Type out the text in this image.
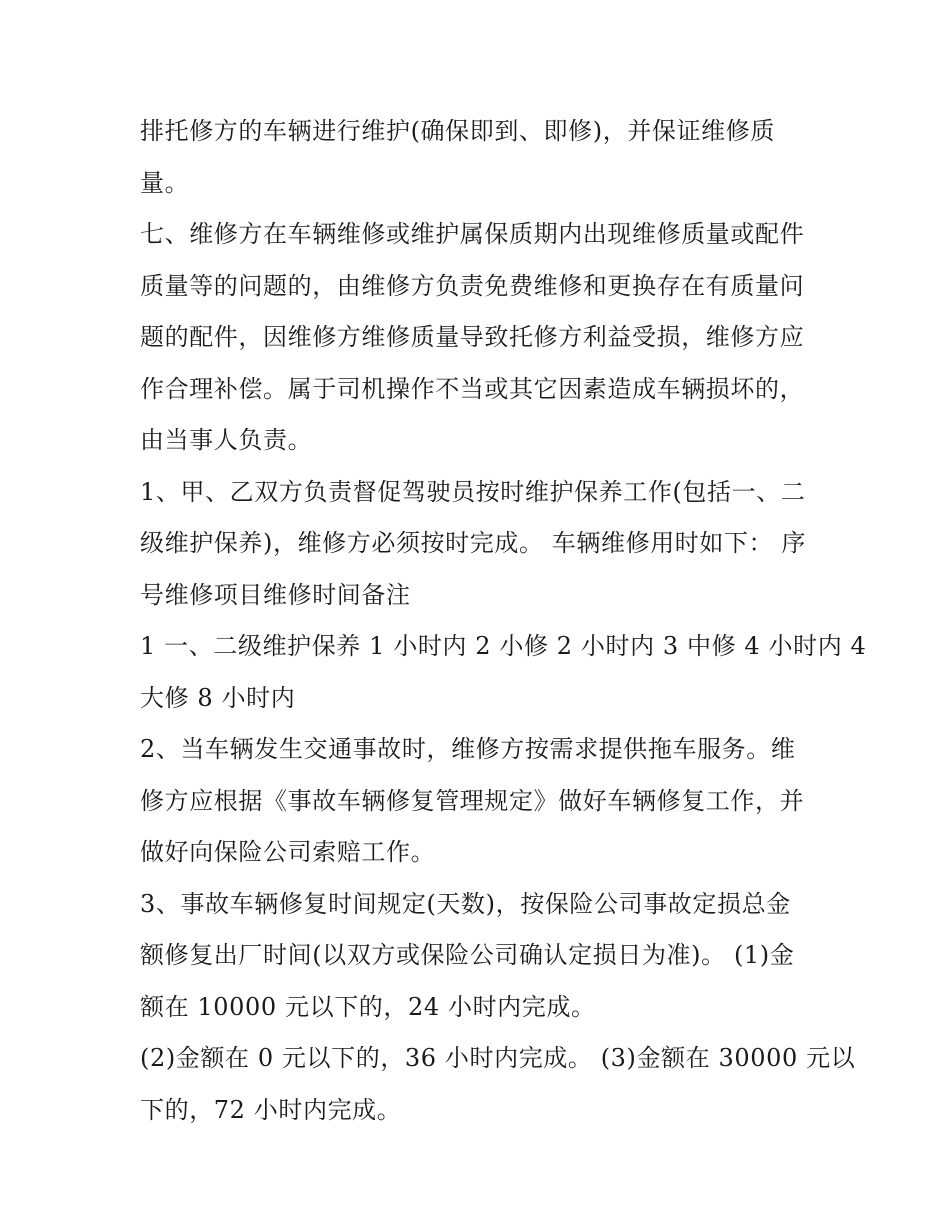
排托修方的车辆进行维护(确保即到、即修)，并保证维修质
量。

七、维修方在车辆维修或维护属保质期内出现维修质量或配件
质量等的问题的，由维修方负责免费维修和更换存在有质量问
题的配件，因维修方维修质量导致托修方利益受损，维修方应
作合理补偿。属于司机操作不当或其它因素造成车辆损坏的，
由当事人负责。

1、甲、乙双方负责督促驾驶员按时维护保养工作(包括一、二
级维护保养)，维修方必须按时完成。 车辆维修用时如下： 序
号维修项目维修时间备注

1 一、二级维护保养 1 小时内 2 小修 2 小时内 3 中修 4 小时内 4
大修 8 小时内

2、当车辆发生交通事故时，维修方按需求提供拖车服务。维
修方应根据《事故车辆修复管理规定》做好车辆修复工作，并
做好向保险公司索赔工作。

3、事故车辆修复时间规定(天数)，按保险公司事故定损总金
额修复出厂时间(以双方或保险公司确认定损日为准)。 (1)金
额在 10000 元以下的，24 小时内完成。

(2)金额在 0 元以下的，36 小时内完成。 (3)金额在 30000 元以
下的，72 小时内完成。
